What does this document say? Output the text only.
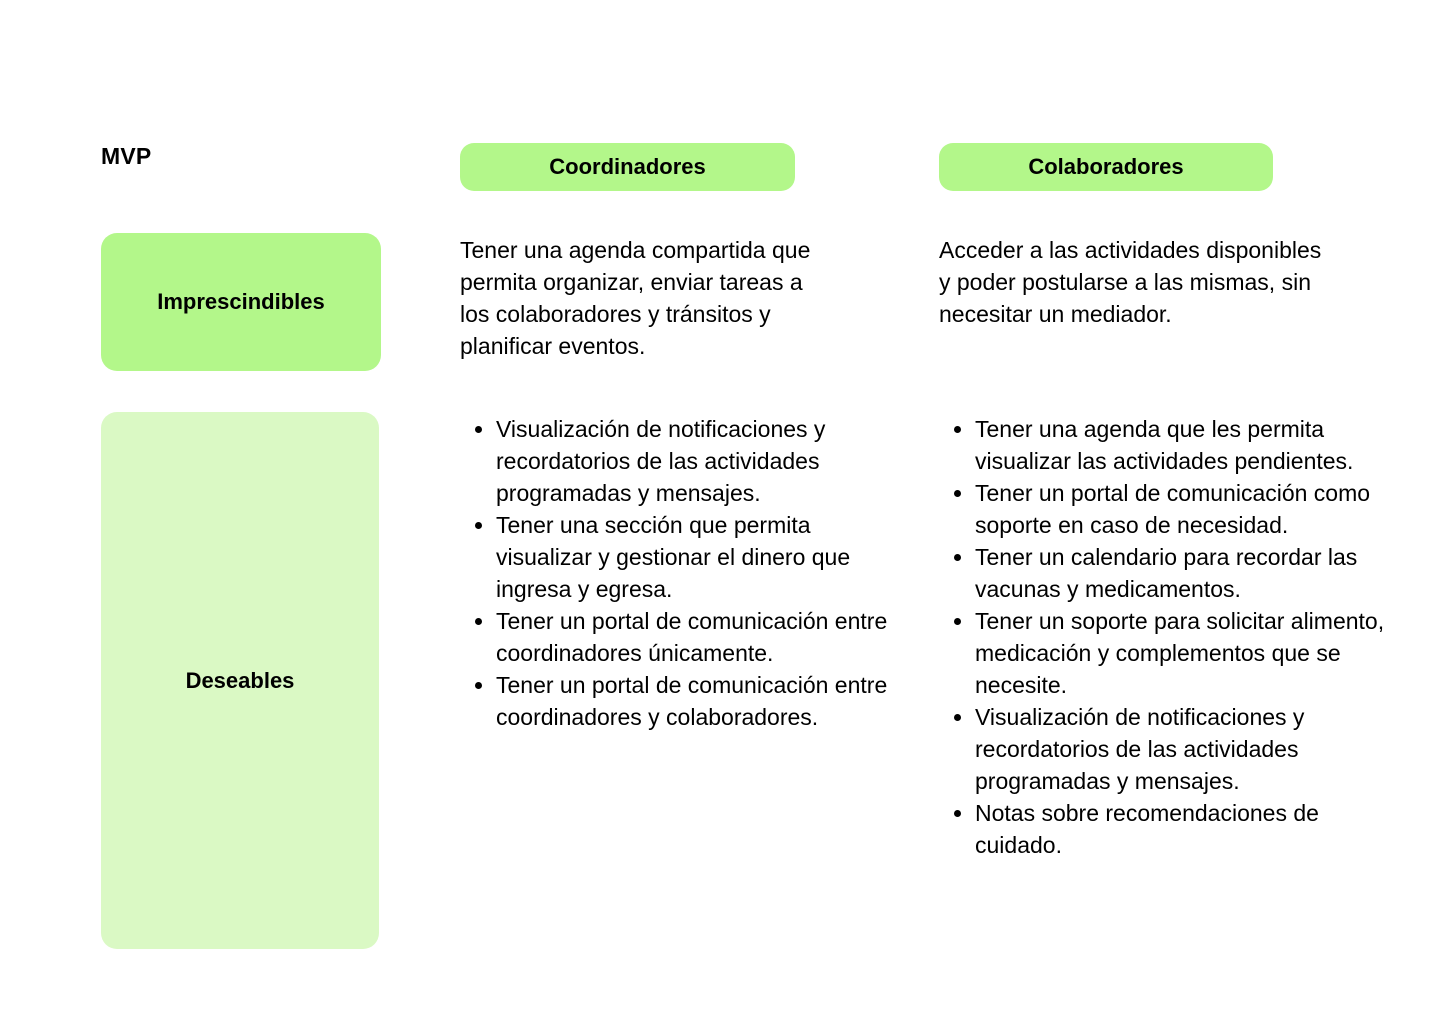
MVP	Coordinadores	Colaboradores
Imprescindibles
Deseables

Tener una agenda compartida que permita organizar, enviar tareas a los colaboradores y tránsitos y planificar eventos.

Acceder a las actividades disponibles y poder postularse a las mismas, sin necesitar un mediador.

• Visualización de notificaciones y recordatorios de las actividades programadas y mensajes.
• Tener una sección que permita visualizar y gestionar el dinero que ingresa y egresa.
• Tener un portal de comunicación entre coordinadores únicamente.
• Tener un portal de comunicación entre coordinadores y colaboradores.
• Tener una agenda que les permita visualizar las actividades pendientes.
• Tener un portal de comunicación como soporte en caso de necesidad.
• Tener un calendario para recordar las vacunas y medicamentos.
• Tener un soporte para solicitar alimento, medicación y complementos que se necesite.
• Visualización de notificaciones y recordatorios de las actividades programadas y mensajes.
• Notas sobre recomendaciones de cuidado.
